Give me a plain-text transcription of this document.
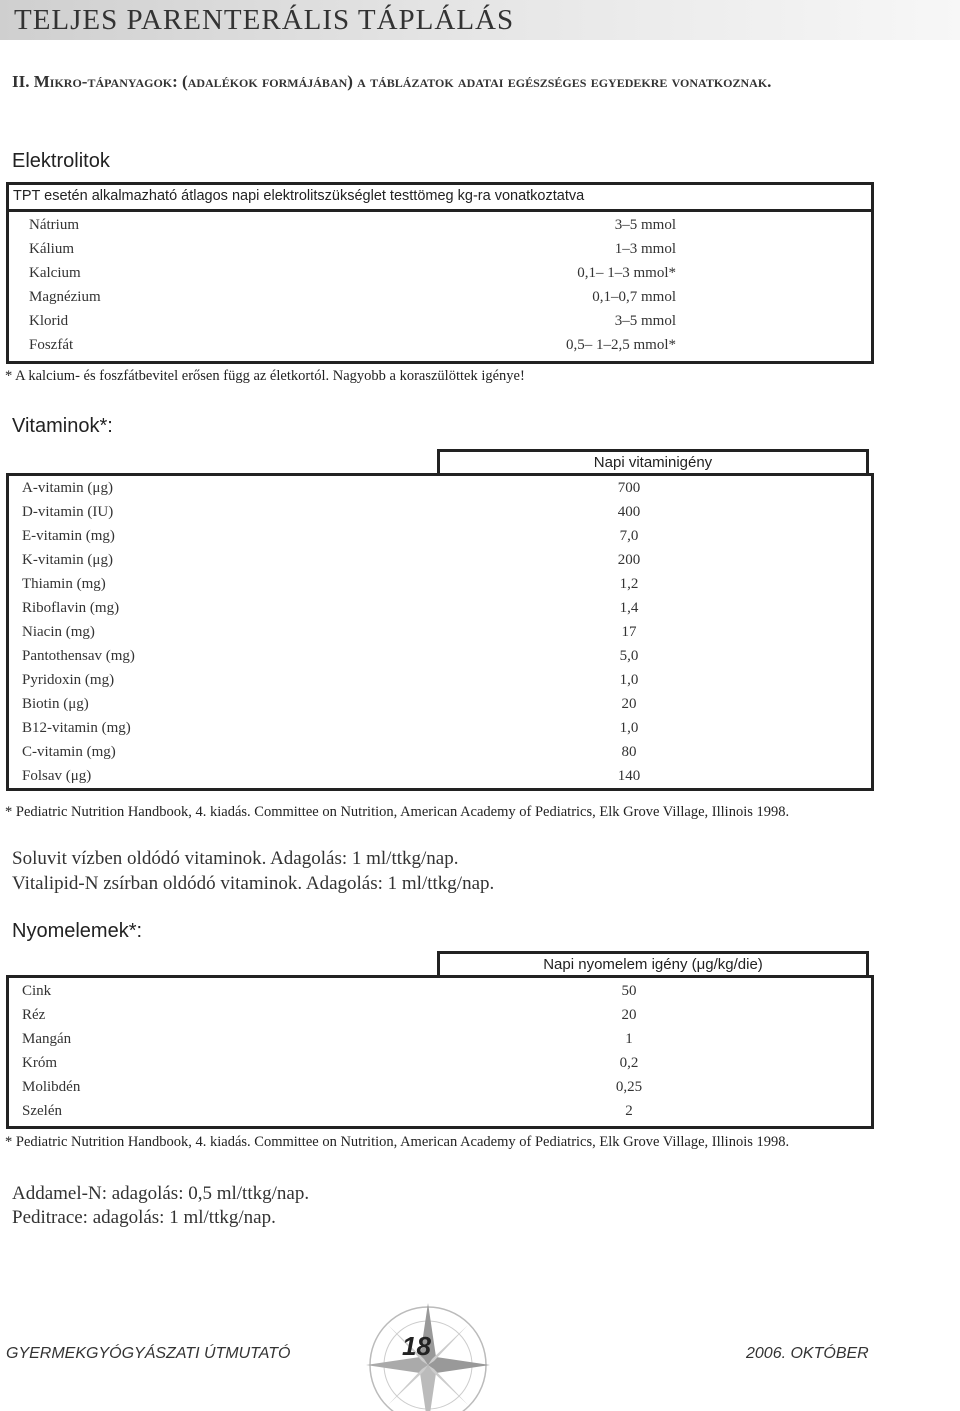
TELJES PARENTERÁLIS TÁPLÁLÁS
II. Mikro-tápanyagok: (adalékok formájában) a táblázatok adatai egészséges egyedekre vonatkoznak.
Elektrolitok
TPT esetén alkalmazható átlagos napi elektrolitszükséglet testtömeg kg-ra vonatkoztatva
Nátrium	3–5 mmol
Kálium	1–3 mmol
Kalcium	0,1– 1–3 mmol*
Magnézium	0,1–0,7 mmol
Klorid	3–5 mmol
Foszfát	0,5– 1–2,5 mmol*
* A kalcium- és foszfátbevitel erősen függ az életkortól. Nagyobb a koraszülöttek igénye!
Vitaminok*:
Napi vitaminigény
A-vitamin (μg)	700
D-vitamin (IU)	400
E-vitamin (mg)	7,0
K-vitamin (μg)	200
Thiamin (mg)	1,2
Riboflavin (mg)	1,4
Niacin (mg)	17
Pantothensav (mg)	5,0
Pyridoxin (mg)	1,0
Biotin (μg)	20
B12-vitamin (mg)	1,0
C-vitamin (mg)	80
Folsav (μg)	140
* Pediatric Nutrition Handbook, 4. kiadás. Committee on Nutrition, American Academy of Pediatrics, Elk Grove Village, Illinois 1998.
Soluvit vízben oldódó vitaminok. Adagolás: 1 ml/ttkg/nap.
Vitalipid-N zsírban oldódó vitaminok. Adagolás: 1 ml/ttkg/nap.
Nyomelemek*:
Napi nyomelem igény (μg/kg/die)
Cink	50
Réz	20
Mangán	1
Króm	0,2
Molibdén	0,25
Szelén	2
* Pediatric Nutrition Handbook, 4. kiadás. Committee on Nutrition, American Academy of Pediatrics, Elk Grove Village, Illinois 1998.
Addamel-N: adagolás: 0,5 ml/ttkg/nap.
Peditrace: adagolás: 1 ml/ttkg/nap.
GYERMEKGYÓGYÁSZATI ÚTMUTATÓ	18	2006. OKTÓBER
